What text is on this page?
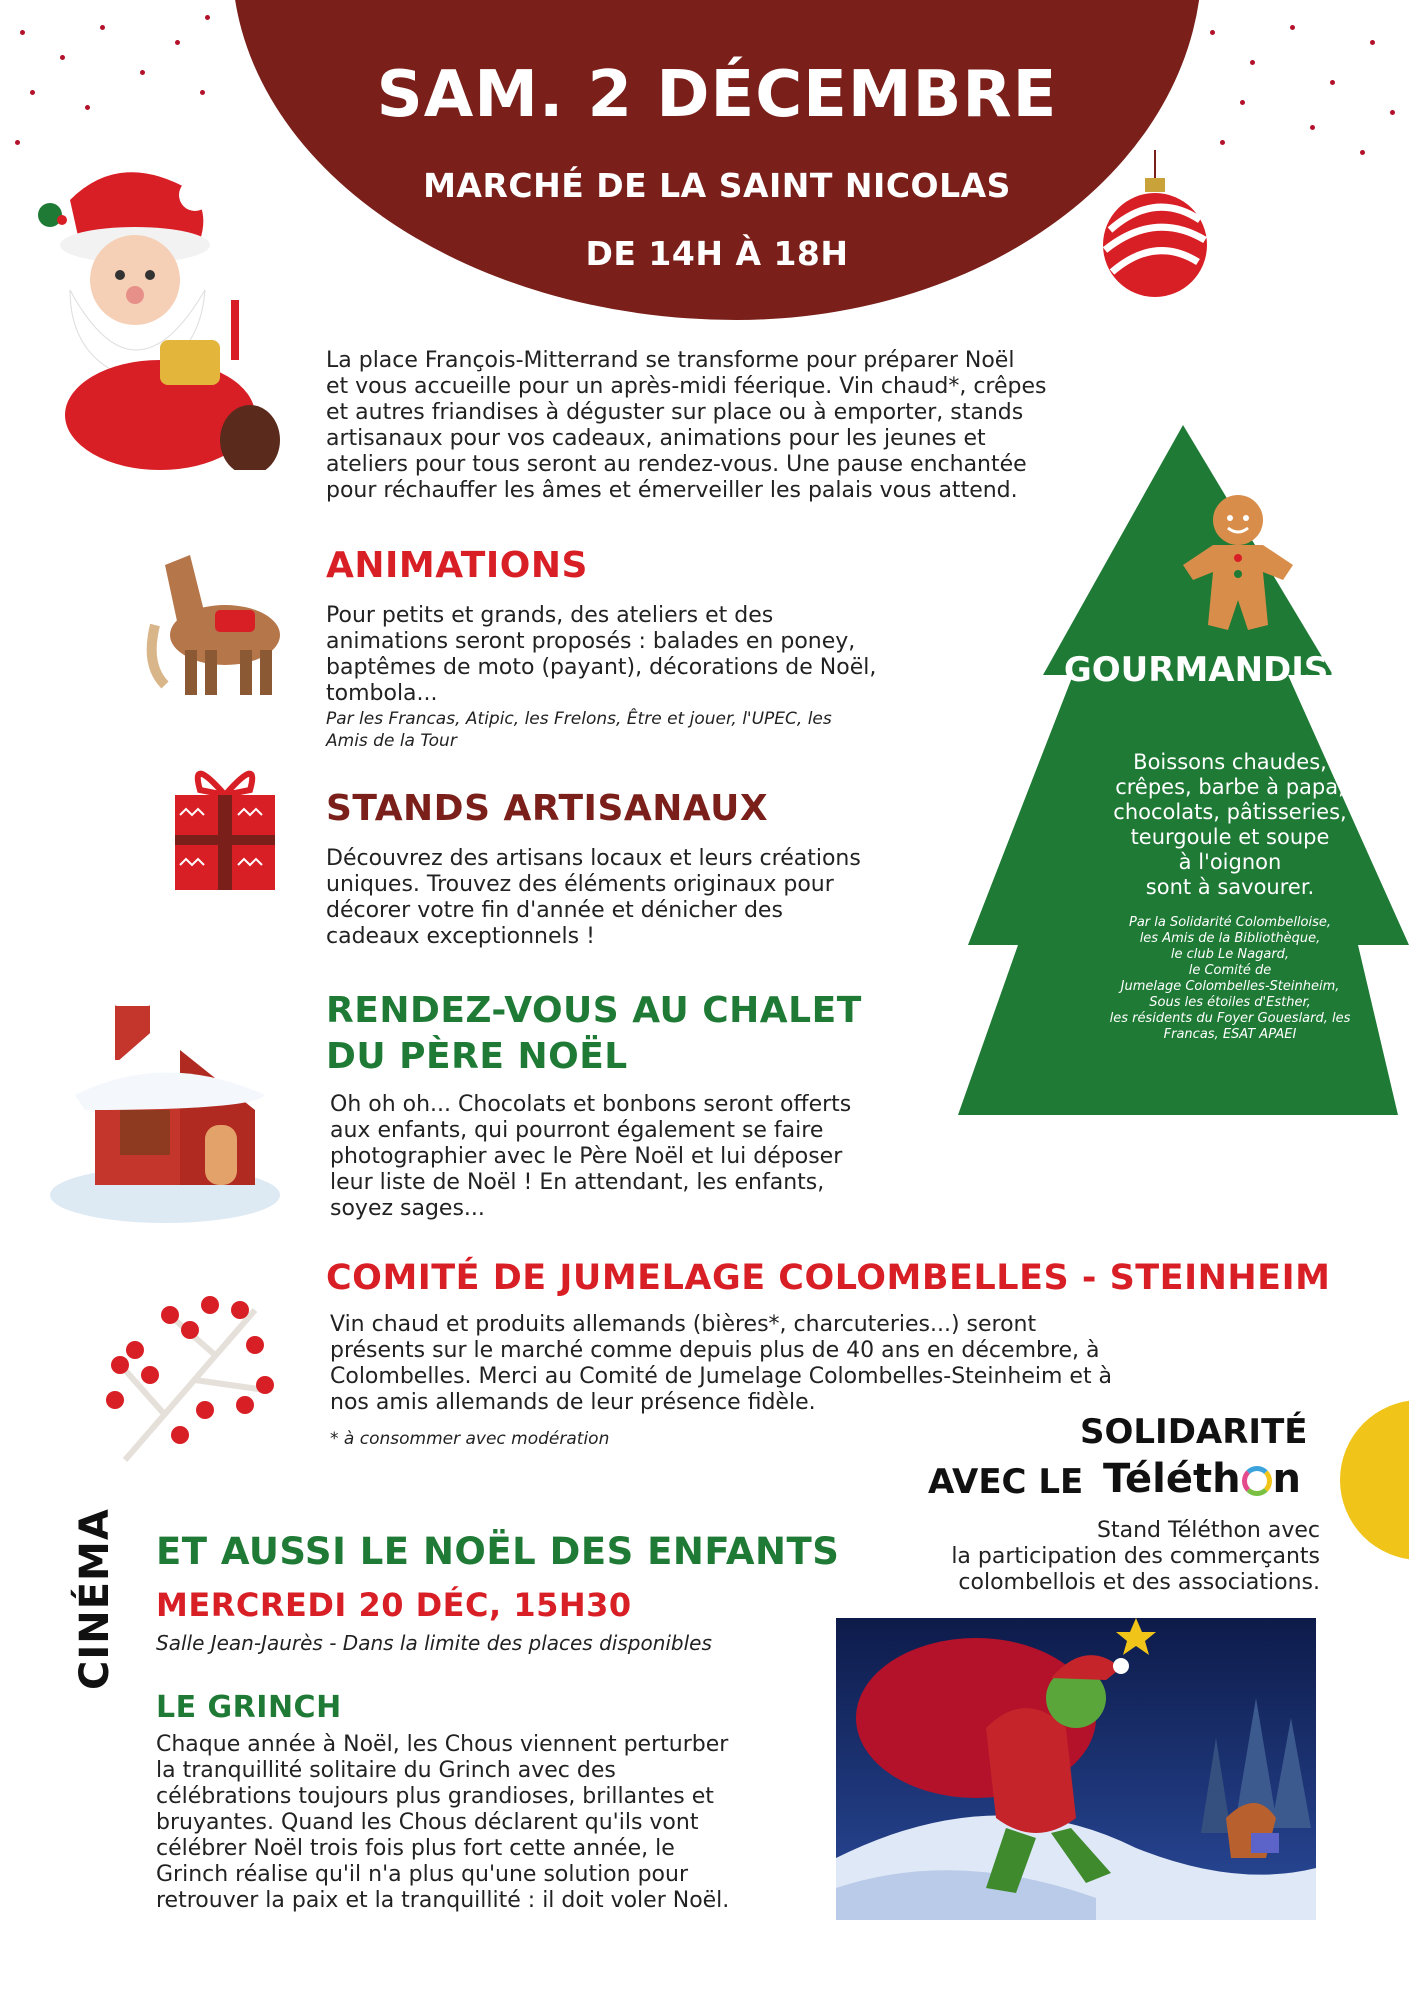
SAM. 2 DÉCEMBRE
MARCHÉ DE LA SAINT NICOLAS
DE 14H À 18H
La place François-Mitterrand se transforme pour préparer Noël
et vous accueille pour un après-midi féerique. Vin chaud*, crêpes
et autres friandises à déguster sur place ou à emporter, stands
artisanaux pour vos cadeaux, animations pour les jeunes et
ateliers pour tous seront au rendez-vous. Une pause enchantée
pour réchauffer les âmes et émerveiller les palais vous attend.
ANIMATIONS
Pour petits et grands, des ateliers et des
animations seront proposés : balades en poney,
baptêmes de moto (payant), décorations de Noël,
tombola...
Par les Francas, Atipic, les Frelons, Être et jouer, l'UPEC, les
Amis de la Tour
STANDS ARTISANAUX
Découvrez des artisans locaux et leurs créations
uniques. Trouvez des éléments originaux pour
décorer votre fin d'année et dénicher des
cadeaux exceptionnels !
RENDEZ-VOUS AU CHALET
DU PÈRE NOËL
Oh oh oh... Chocolats et bonbons seront offerts
aux enfants, qui pourront également se faire
photographier avec le Père Noël et lui déposer
leur liste de Noël ! En attendant, les enfants,
soyez sages...
COMITÉ DE JUMELAGE COLOMBELLES - STEINHEIM
Vin chaud et produits allemands (bières*, charcuteries...) seront
présents sur le marché comme depuis plus de 40 ans en décembre, à
Colombelles. Merci au Comité de Jumelage Colombelles-Steinheim et à
nos amis allemands de leur présence fidèle.
* à consommer avec modération
GOURMANDISES
Boissons chaudes,
crêpes, barbe à papa,
chocolats, pâtisseries,
teurgoule et soupe
à l'oignon
sont à savourer.
Par la Solidarité Colombelloise,
les Amis de la Bibliothèque,
le club Le Nagard,
le Comité de
Jumelage Colombelles-Steinheim,
Sous les étoiles d'Esther,
les résidents du Foyer Goueslard, les
Francas, ESAT APAEI
SOLIDARITÉ
AVEC LE Téléth n
Stand Téléthon avec
la participation des commerçants
colombellois et des associations.
CINÉMA ET AUSSI LE NOËL DES ENFANTS
MERCREDI 20 DÉC, 15H30
Salle Jean-Jaurès - Dans la limite des places disponibles
LE GRINCH
Chaque année à Noël, les Chous viennent perturber
la tranquillité solitaire du Grinch avec des
célébrations toujours plus grandioses, brillantes et
bruyantes. Quand les Chous déclarent qu'ils vont
célébrer Noël trois fois plus fort cette année, le
Grinch réalise qu'il n'a plus qu'une solution pour
retrouver la paix et la tranquillité : il doit voler Noël.
